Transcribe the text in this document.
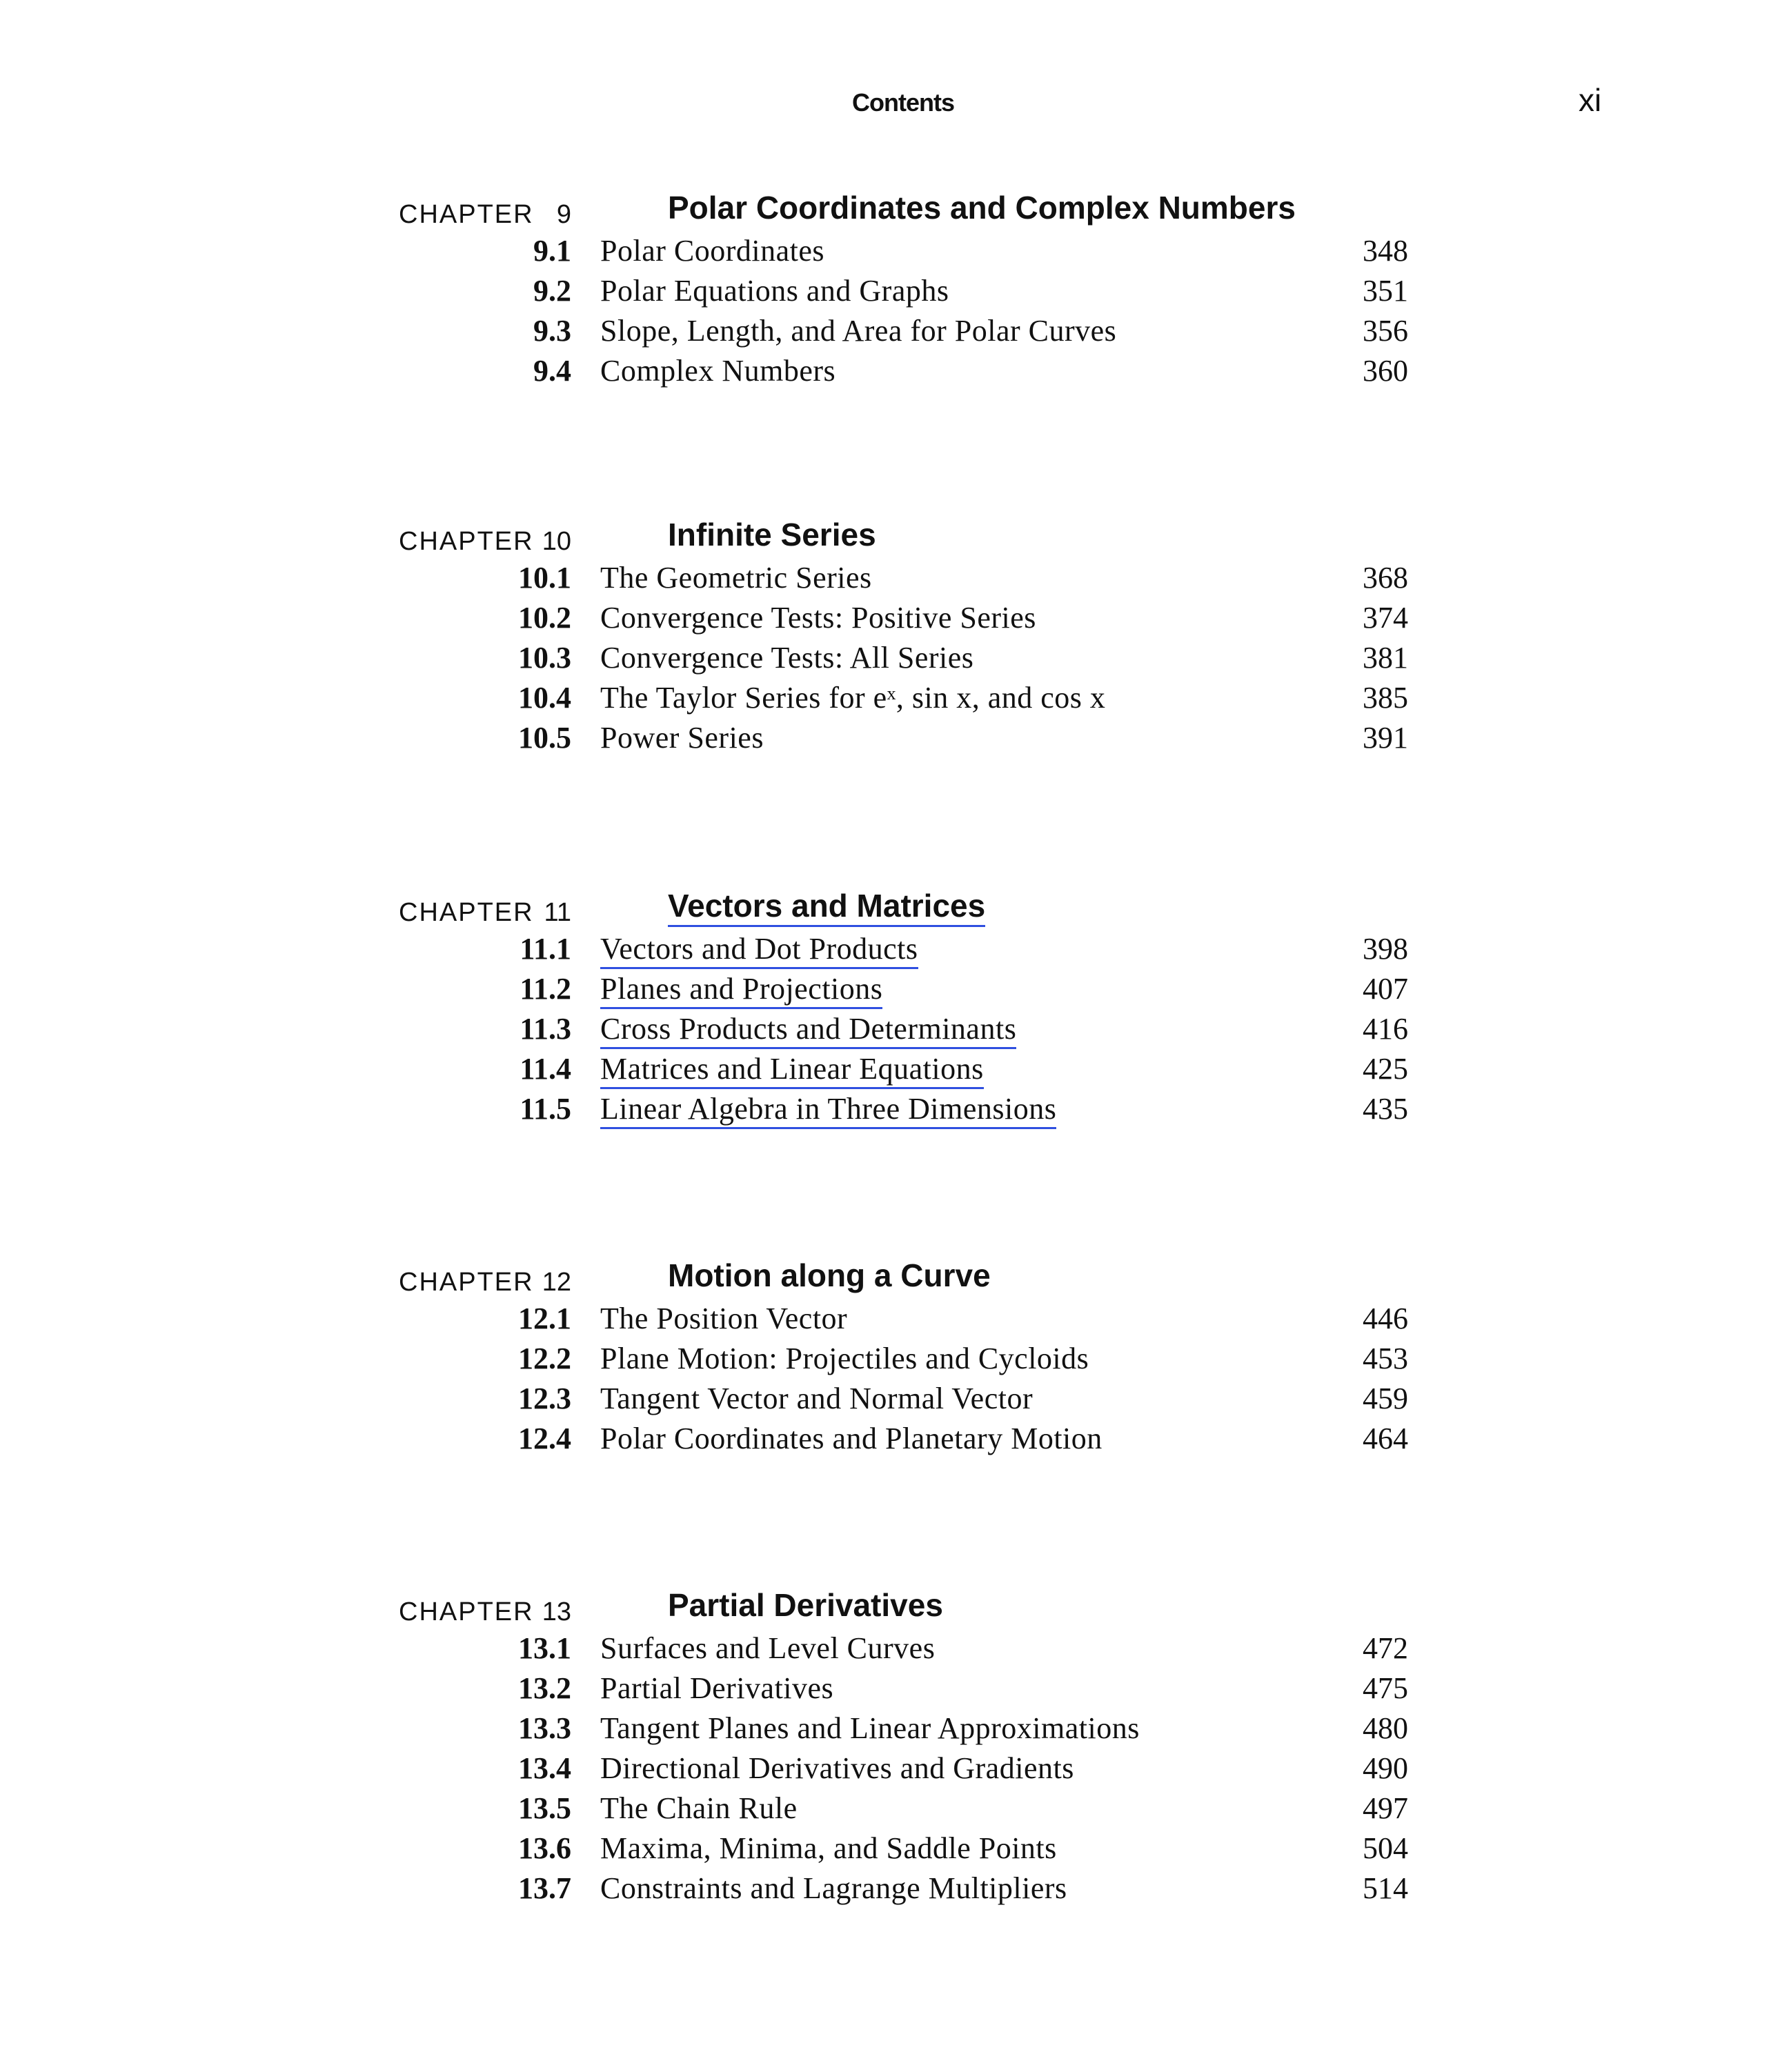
Contents	xi
CHAPTER 9	Polar Coordinates and Complex Numbers
9.1 Polar Coordinates	348
9.2 Polar Equations and Graphs	351
9.3 Slope, Length, and Area for Polar Curves	356
9.4 Complex Numbers	360
CHAPTER 10	Infinite Series
10.1 The Geometric Series	368
10.2 Convergence Tests: Positive Series	374
10.3 Convergence Tests: All Series	381
10.4 The Taylor Series for eˣ, sin x, and cos x	385
10.5 Power Series	391
CHAPTER 11	Vectors and Matrices
11.1 Vectors and Dot Products	398
11.2 Planes and Projections	407
11.3 Cross Products and Determinants	416
11.4 Matrices and Linear Equations	425
11.5 Linear Algebra in Three Dimensions	435
CHAPTER 12	Motion along a Curve
12.1 The Position Vector	446
12.2 Plane Motion: Projectiles and Cycloids	453
12.3 Tangent Vector and Normal Vector	459
12.4 Polar Coordinates and Planetary Motion	464
CHAPTER 13	Partial Derivatives
13.1 Surfaces and Level Curves	472
13.2 Partial Derivatives	475
13.3 Tangent Planes and Linear Approximations	480
13.4 Directional Derivatives and Gradients	490
13.5 The Chain Rule	497
13.6 Maxima, Minima, and Saddle Points	504
13.7 Constraints and Lagrange Multipliers	514
